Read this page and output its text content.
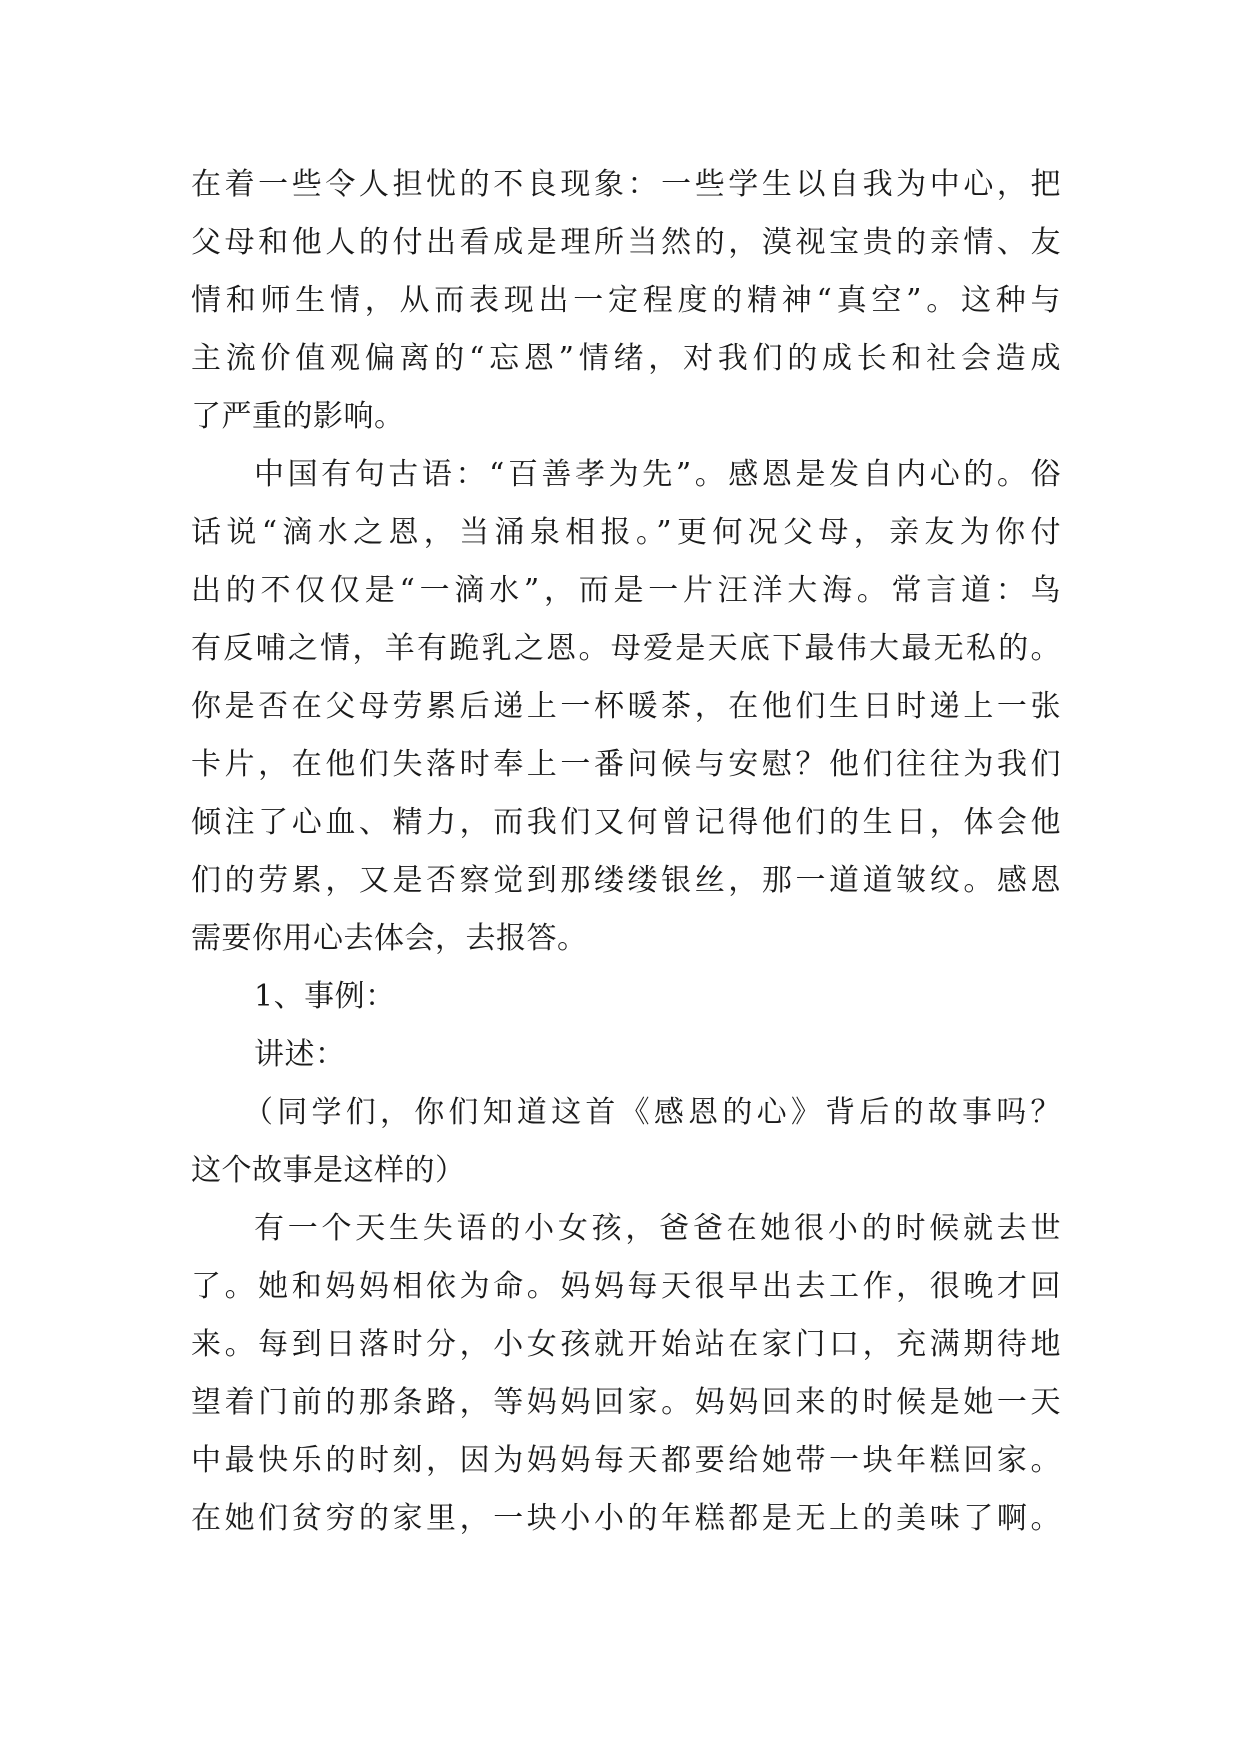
在着一些令人担忧的不良现象：一些学生以自我为中心，把
父母和他人的付出看成是理所当然的，漠视宝贵的亲情、友
情和师生情，从而表现出一定程度的精神“真空”。这种与
主流价值观偏离的“忘恩”情绪，对我们的成长和社会造成
了严重的影响。
中国有句古语：“百善孝为先”。感恩是发自内心的。俗
话说“滴水之恩，当涌泉相报。”更何况父母，亲友为你付
出的不仅仅是“一滴水”，而是一片汪洋大海。常言道：鸟
有反哺之情，羊有跪乳之恩。母爱是天底下最伟大最无私的。
你是否在父母劳累后递上一杯暖茶，在他们生日时递上一张
卡片，在他们失落时奉上一番问候与安慰？他们往往为我们
倾注了心血、精力，而我们又何曾记得他们的生日，体会他
们的劳累，又是否察觉到那缕缕银丝，那一道道皱纹。感恩
需要你用心去体会，去报答。
1、事例：
讲述：
（同学们，你们知道这首《感恩的心》背后的故事吗？
这个故事是这样的）
有一个天生失语的小女孩，爸爸在她很小的时候就去世
了。她和妈妈相依为命。妈妈每天很早出去工作，很晚才回
来。每到日落时分，小女孩就开始站在家门口，充满期待地
望着门前的那条路，等妈妈回家。妈妈回来的时候是她一天
中最快乐的时刻，因为妈妈每天都要给她带一块年糕回家。
在她们贫穷的家里，一块小小的年糕都是无上的美味了啊。
